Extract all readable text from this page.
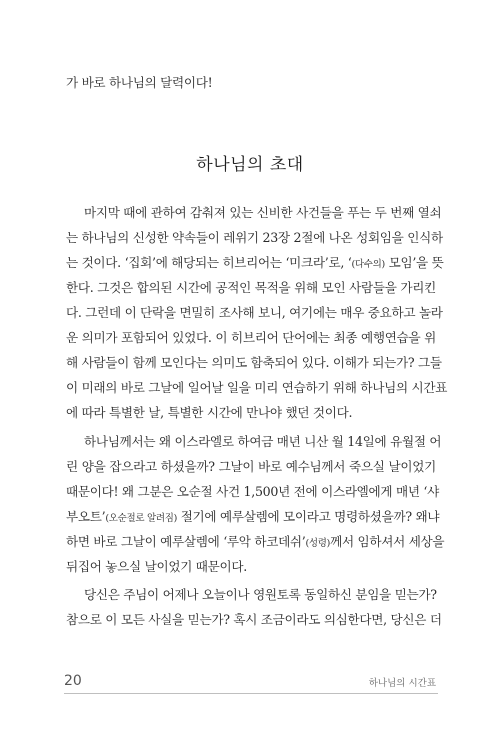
가 바로 하나님의 달력이다!
하나님의 초대
마지막 때에 관하여 감춰져 있는 신비한 사건들을 푸는 두 번째 열쇠
는 하나님의 신성한 약속들이 레위기 23장 2절에 나온 성회임을 인식하
는 것이다. ‘집회’에 해당되는 히브리어는 ‘미크라’로, ‘(다수의) 모임’을 뜻
한다. 그것은 합의된 시간에 공적인 목적을 위해 모인 사람들을 가리킨
다. 그런데 이 단락을 면밀히 조사해 보니, 여기에는 매우 중요하고 놀라
운 의미가 포함되어 있었다. 이 히브리어 단어에는 최종 예행연습을 위
해 사람들이 함께 모인다는 의미도 함축되어 있다. 이해가 되는가? 그들
이 미래의 바로 그날에 일어날 일을 미리 연습하기 위해 하나님의 시간표
에 따라 특별한 날, 특별한 시간에 만나야 했던 것이다.
하나님께서는 왜 이스라엘로 하여금 매년 니산 월 14일에 유월절 어
린 양을 잡으라고 하셨을까? 그날이 바로 예수님께서 죽으실 날이었기
때문이다! 왜 그분은 오순절 사건 1,500년 전에 이스라엘에게 매년 ‘샤
부오트’(오순절로 알려짐) 절기에 예루살렘에 모이라고 명령하셨을까? 왜냐
하면 바로 그날이 예루살렘에 ‘루악 하코데쉬’(성령)께서 임하셔서 세상을
뒤집어 놓으실 날이었기 때문이다.
당신은 주님이 어제나 오늘이나 영원토록 동일하신 분임을 믿는가?
참으로 이 모든 사실을 믿는가? 혹시 조금이라도 의심한다면, 당신은 더
20	하나님의 시간표
